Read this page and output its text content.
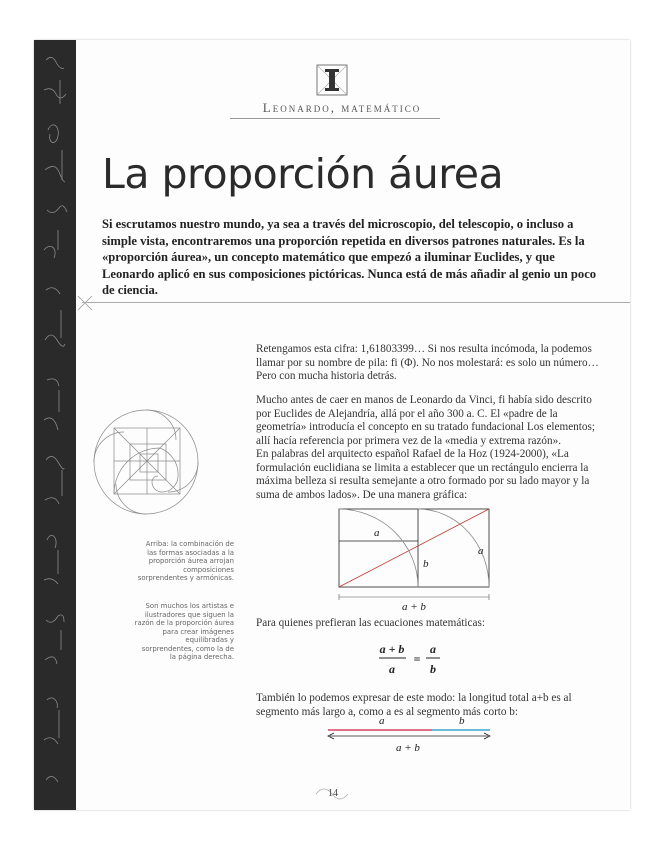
Leonardo, matemático
La proporción áurea
Si escrutamos nuestro mundo, ya sea a través del microscopio, del telescopio, o incluso a simple vista, encontraremos una proporción repetida en diversos patrones naturales. Es la «proporción áurea», un concepto matemático que empezó a iluminar Euclides, y que Leonardo aplicó en sus composiciones pictóricas. Nunca está de más añadir al genio un poco de ciencia.
Retengamos esta cifra: 1,61803399… Si nos resulta incómoda, la podemos llamar por su nombre de pila: fi (Φ). No nos molestará: es solo un número… Pero con mucha historia detrás.
Mucho antes de caer en manos de Leonardo da Vinci, fi había sido descrito por Euclides de Alejandría, allá por el año 300 a. C. El «padre de la geometría» introducía el concepto en su tratado fundacional Los elementos; allí hacía referencia por primera vez de la «media y extrema razón».
En palabras del arquitecto español Rafael de la Hoz (1924-2000), «La formulación euclidiana se limita a establecer que un rectángulo encierra la máxima belleza si resulta semejante a otro formado por su lado mayor y la suma de ambos lados». De una manera gráfica:
Arriba: la combinación de las formas asociadas a la proporción áurea arrojan composiciones sorprendentes y armónicas.
Son muchos los artistas e ilustradores que siguen la razón de la proporción áurea para crear imágenes equilibradas y sorprendentes, como la de la página derecha.
a
a
b
a + b
Para quienes prefieran las ecuaciones matemáticas:
a + b
a
=
a
b
También lo podemos expresar de este modo: la longitud total a+b es al segmento más largo a, como a es al segmento más corto b:
a	b
a + b
14
